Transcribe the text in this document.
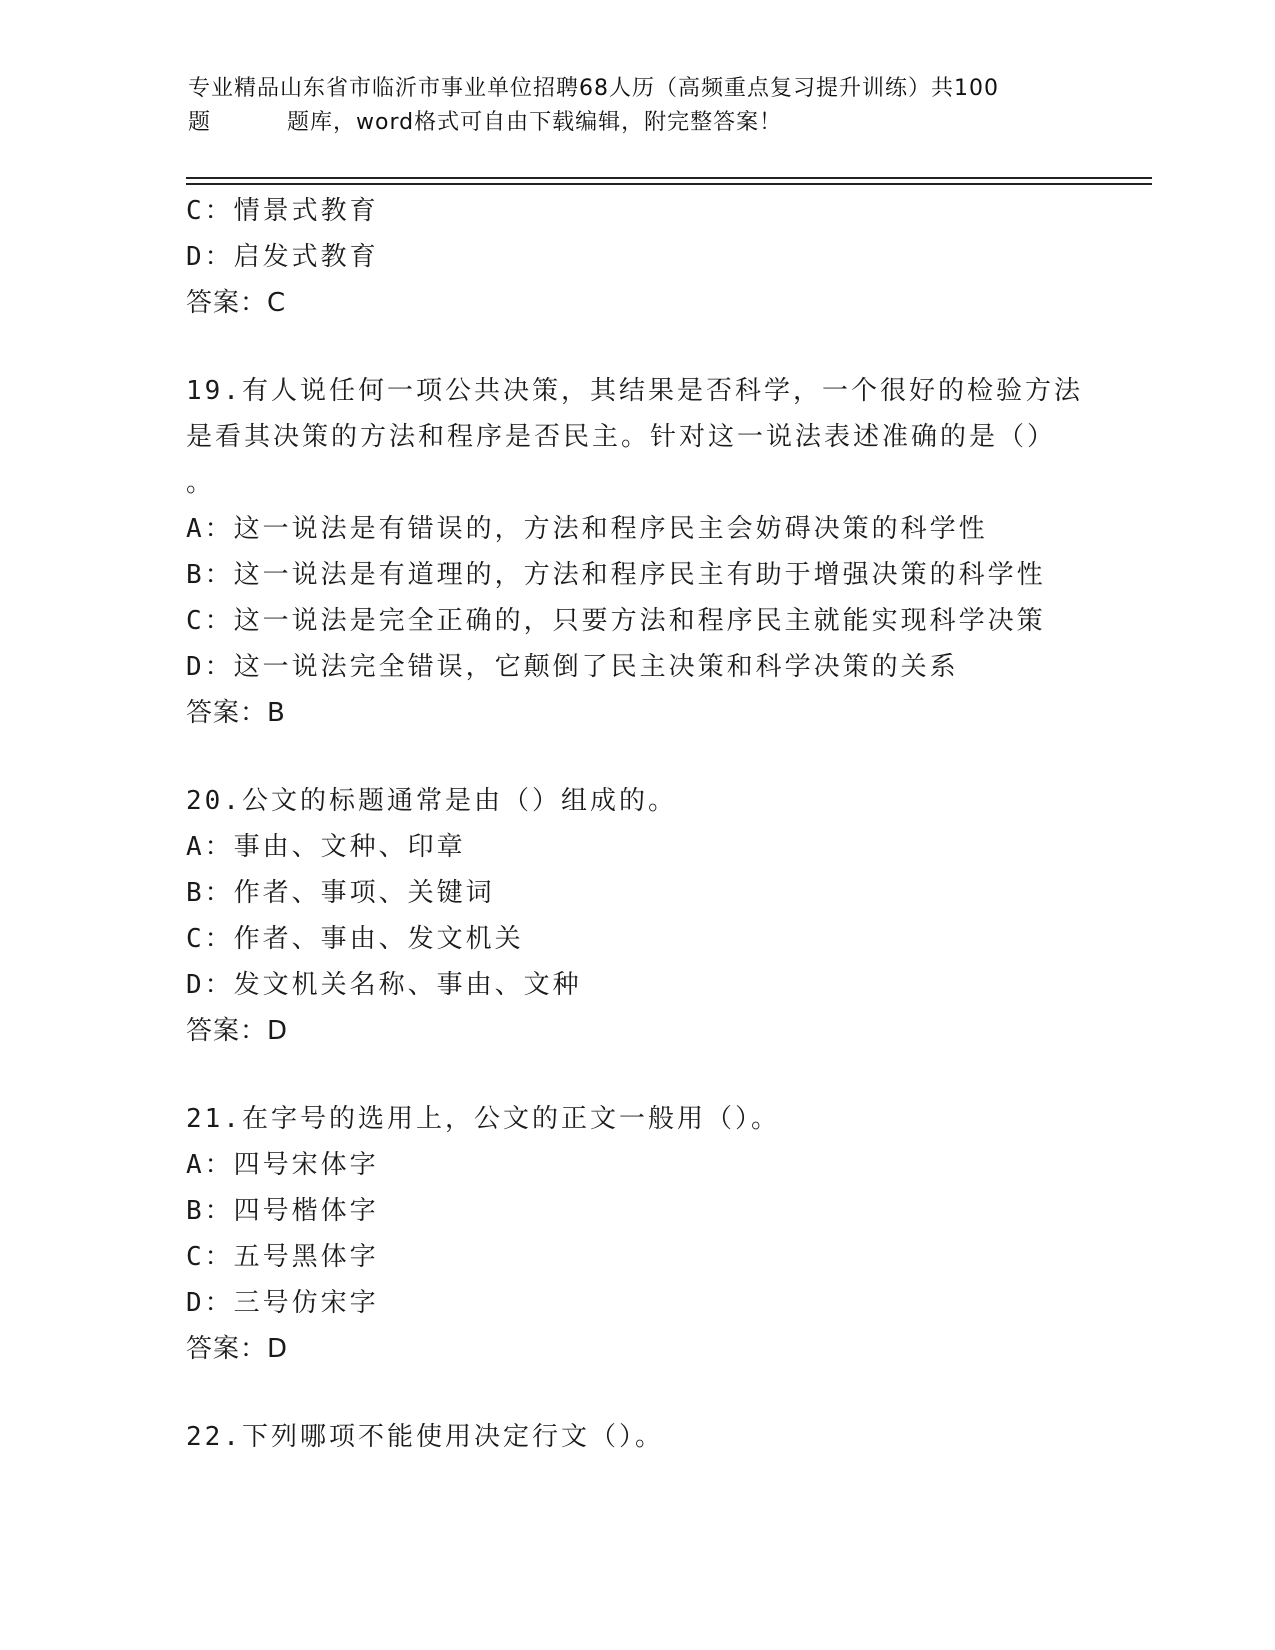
专业精品山东省市临沂市事业单位招聘68人历（高频重点复习提升训练）共100
题	题库，word格式可自由下载编辑，附完整答案！
C：情景式教育
D：启发式教育
答案：C
19.有人说任何一项公共决策，其结果是否科学，一个很好的检验方法
是看其决策的方法和程序是否民主。针对这一说法表述准确的是（）
。
A：这一说法是有错误的，方法和程序民主会妨碍决策的科学性
B：这一说法是有道理的，方法和程序民主有助于增强决策的科学性
C：这一说法是完全正确的，只要方法和程序民主就能实现科学决策
D：这一说法完全错误，它颠倒了民主决策和科学决策的关系
答案：B
20.公文的标题通常是由（）组成的。
A：事由、文种、印章
B：作者、事项、关键词
C：作者、事由、发文机关
D：发文机关名称、事由、文种
答案：D
21.在字号的选用上，公文的正文一般用（）。
A：四号宋体字
B：四号楷体字
C：五号黑体字
D：三号仿宋字
答案：D
22.下列哪项不能使用决定行文（）。
